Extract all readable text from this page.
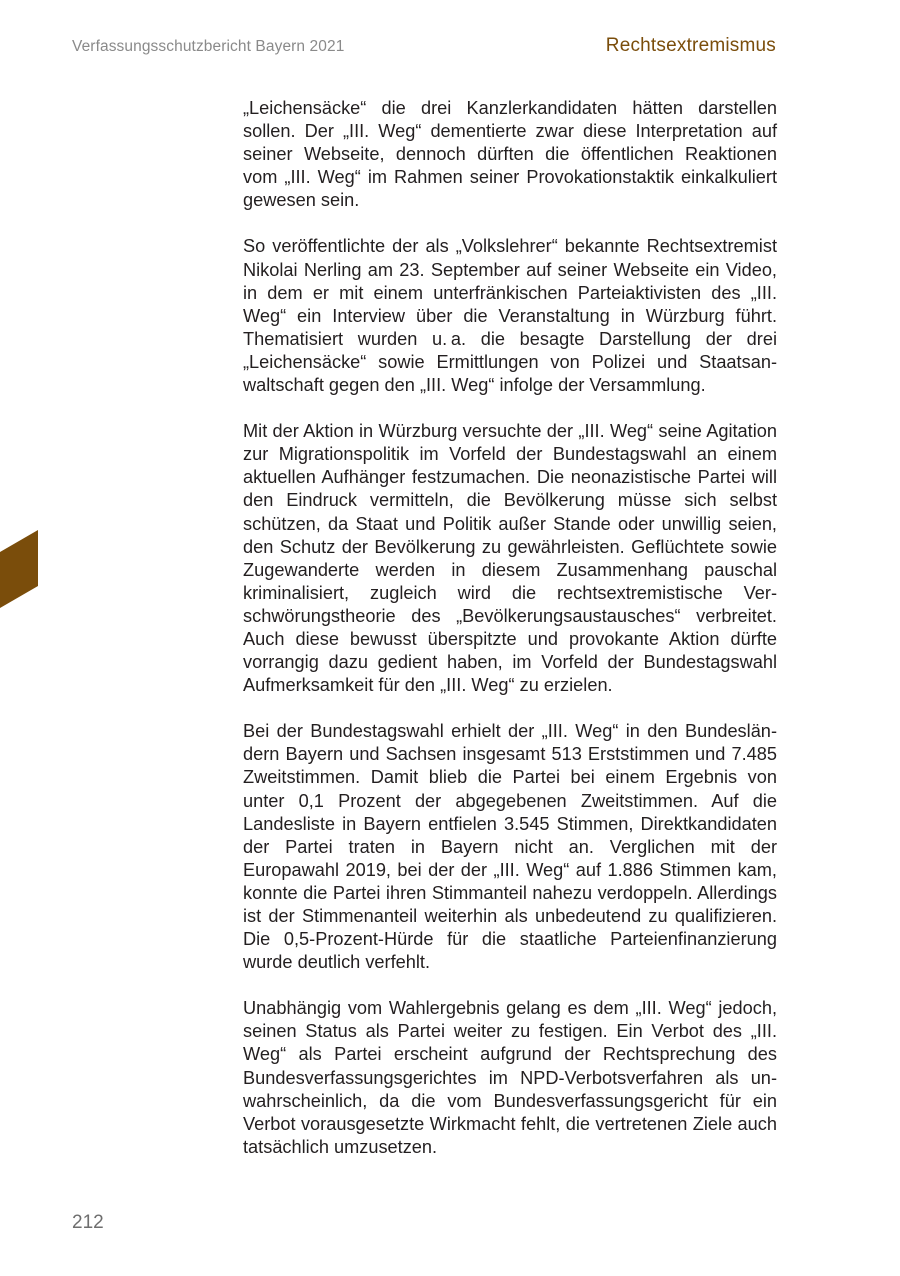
Verfassungsschutzbericht Bayern 2021	Rechtsextremismus

„Leichensäcke“ die drei Kanzlerkandidaten hätten darstellen sollen. Der „III. Weg“ dementierte zwar diese Interpretation auf seiner Webseite, dennoch dürften die öffentlichen Reaktionen vom „III. Weg“ im Rahmen seiner Provokationstaktik einkalkuliert gewesen sein.

So veröffentlichte der als „Volkslehrer“ bekannte Rechtsextremist Nikolai Nerling am 23. September auf seiner Webseite ein Video, in dem er mit einem unterfränkischen Parteiaktivisten des „III. Weg“ ein Interview über die Veranstaltung in Würzburg führt. Thematisiert wurden u. a. die besagte Darstellung der drei „Leichensäcke“ sowie Ermittlungen von Polizei und Staatsanwaltschaft gegen den „III. Weg“ infolge der Versammlung.

Mit der Aktion in Würzburg versuchte der „III. Weg“ seine Agitation zur Migrationspolitik im Vorfeld der Bundestagswahl an einem aktuellen Aufhänger festzumachen. Die neonazistische Partei will den Eindruck vermitteln, die Bevölkerung müsse sich selbst schützen, da Staat und Politik außer Stande oder unwillig seien, den Schutz der Bevölkerung zu gewährleisten. Geflüchtete sowie Zugewanderte werden in diesem Zusammenhang pauschal kriminalisiert, zugleich wird die rechtsextremistische Verschwörungstheorie des „Bevölkerungsaustausches“ verbreitet. Auch diese bewusst überspitzte und provokante Aktion dürfte vorrangig dazu gedient haben, im Vorfeld der Bundestagswahl Aufmerksamkeit für den „III. Weg“ zu erzielen.

Bei der Bundestagswahl erhielt der „III. Weg“ in den Bundesländern Bayern und Sachsen insgesamt 513 Erststimmen und 7.485 Zweitstimmen. Damit blieb die Partei bei einem Ergebnis von unter 0,1 Prozent der abgegebenen Zweitstimmen. Auf die Landesliste in Bayern entfielen 3.545 Stimmen, Direktkandidaten der Partei traten in Bayern nicht an. Verglichen mit der Europawahl 2019, bei der der „III. Weg“ auf 1.886 Stimmen kam, konnte die Partei ihren Stimmanteil nahezu verdoppeln. Allerdings ist der Stimmenanteil weiterhin als unbedeutend zu qualifizieren. Die 0,5-Prozent-Hürde für die staatliche Parteienfinanzierung wurde deutlich verfehlt.

Unabhängig vom Wahlergebnis gelang es dem „III. Weg“ jedoch, seinen Status als Partei weiter zu festigen. Ein Verbot des „III. Weg“ als Partei erscheint aufgrund der Rechtsprechung des Bundesverfassungsgerichtes im NPD-Verbotsverfahren als unwahrscheinlich, da die vom Bundesverfassungsgericht für ein Verbot vorausgesetzte Wirkmacht fehlt, die vertretenen Ziele auch tatsächlich umzusetzen.

212
